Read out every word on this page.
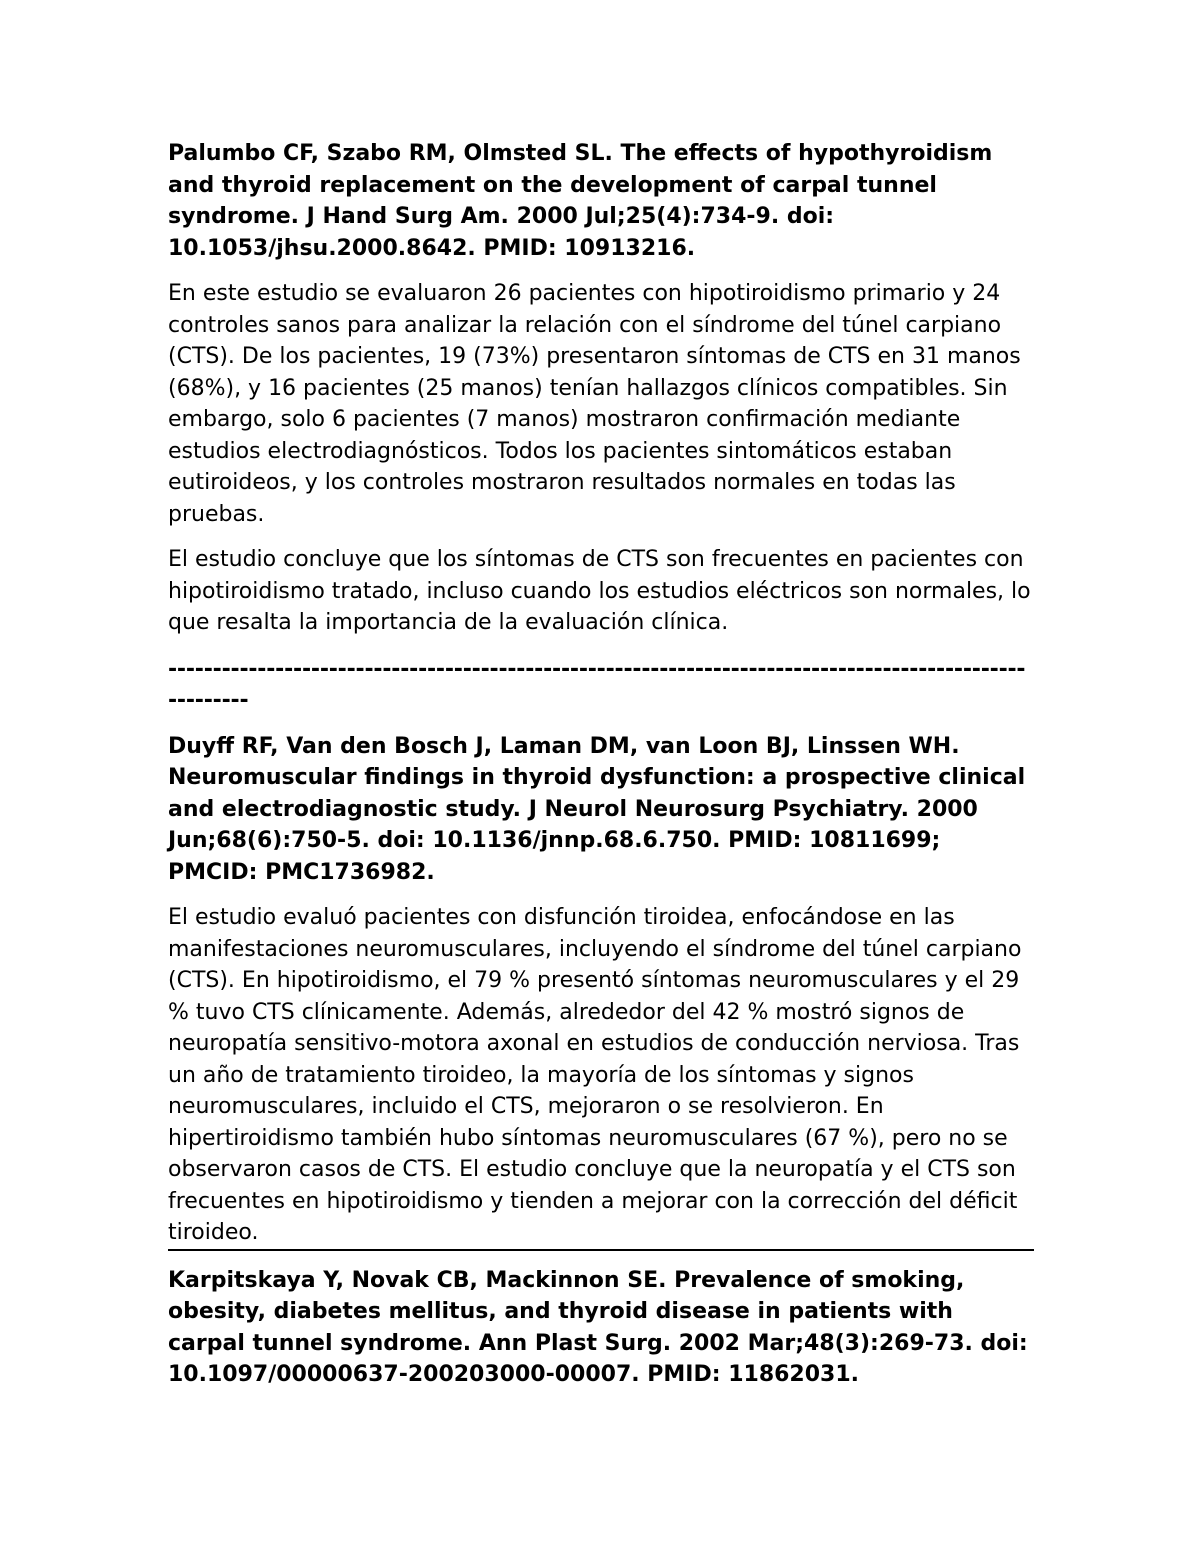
Palumbo CF, Szabo RM, Olmsted SL. The effects of hypothyroidism and thyroid replacement on the development of carpal tunnel syndrome. J Hand Surg Am. 2000 Jul;25(4):734-9. doi: 10.1053/jhsu.2000.8642. PMID: 10913216.

En este estudio se evaluaron 26 pacientes con hipotiroidismo primario y 24 controles sanos para analizar la relación con el síndrome del túnel carpiano (CTS). De los pacientes, 19 (73%) presentaron síntomas de CTS en 31 manos (68%), y 16 pacientes (25 manos) tenían hallazgos clínicos compatibles. Sin embargo, solo 6 pacientes (7 manos) mostraron confirmación mediante estudios electrodiagnósticos. Todos los pacientes sintomáticos estaban eutiroideos, y los controles mostraron resultados normales en todas las pruebas.

El estudio concluye que los síntomas de CTS son frecuentes en pacientes con hipotiroidismo tratado, incluso cuando los estudios eléctricos son normales, lo que resalta la importancia de la evaluación clínica.

---------------------------------------------------------------------------------------------------------

Duyff RF, Van den Bosch J, Laman DM, van Loon BJ, Linssen WH. Neuromuscular findings in thyroid dysfunction: a prospective clinical and electrodiagnostic study. J Neurol Neurosurg Psychiatry. 2000 Jun;68(6):750-5. doi: 10.1136/jnnp.68.6.750. PMID: 10811699; PMCID: PMC1736982.

El estudio evaluó pacientes con disfunción tiroidea, enfocándose en las manifestaciones neuromusculares, incluyendo el síndrome del túnel carpiano (CTS). En hipotiroidismo, el 79 % presentó síntomas neuromusculares y el 29 % tuvo CTS clínicamente. Además, alrededor del 42 % mostró signos de neuropatía sensitivo-motora axonal en estudios de conducción nerviosa. Tras un año de tratamiento tiroideo, la mayoría de los síntomas y signos neuromusculares, incluido el CTS, mejoraron o se resolvieron. En hipertiroidismo también hubo síntomas neuromusculares (67 %), pero no se observaron casos de CTS. El estudio concluye que la neuropatía y el CTS son frecuentes en hipotiroidismo y tienden a mejorar con la corrección del déficit tiroideo.

Karpitskaya Y, Novak CB, Mackinnon SE. Prevalence of smoking, obesity, diabetes mellitus, and thyroid disease in patients with carpal tunnel syndrome. Ann Plast Surg. 2002 Mar;48(3):269-73. doi: 10.1097/00000637-200203000-00007. PMID: 11862031.
